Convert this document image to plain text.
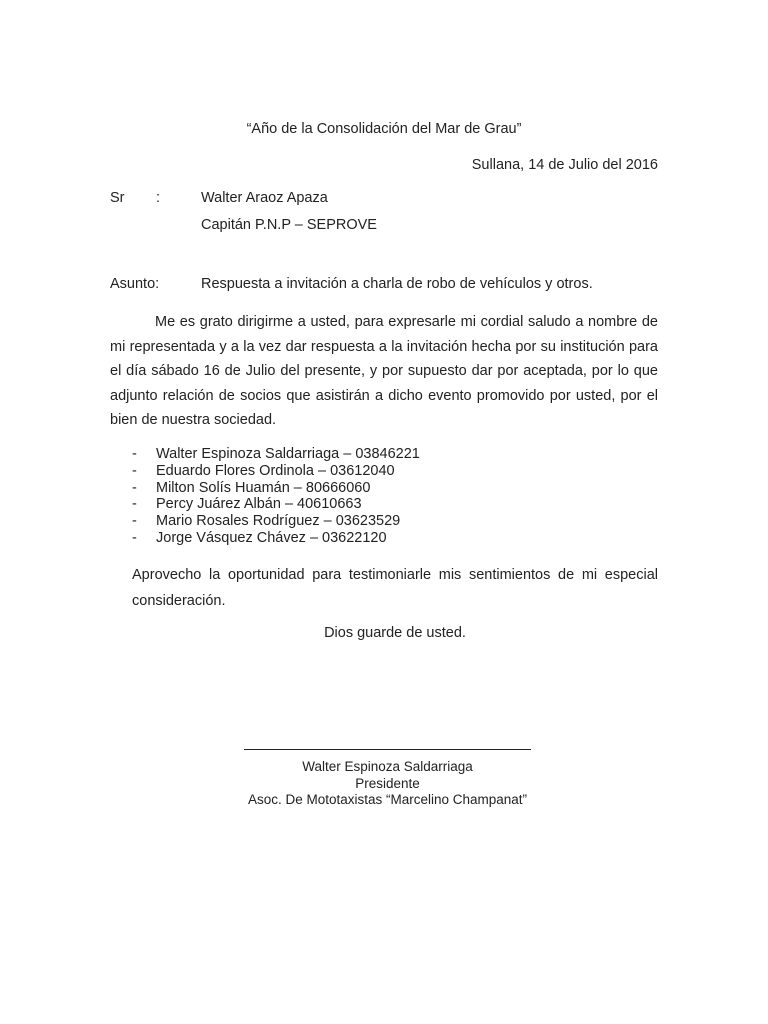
“Año de la Consolidación del Mar de Grau”
Sullana, 14 de Julio del 2016
Sr :	Walter Araoz Apaza
Capitán P.N.P – SEPROVE
Asunto:	Respuesta a invitación a charla de robo de vehículos y otros.
Me es grato dirigirme a usted, para expresarle mi cordial saludo a nombre de mi representada y a la vez dar respuesta a la invitación hecha por su institución para el día sábado 16 de Julio del presente, y por supuesto dar por aceptada, por lo que adjunto relación de socios que asistirán a dicho evento promovido por usted, por el bien de nuestra sociedad.
-	Walter Espinoza Saldarriaga – 03846221
-	Eduardo Flores Ordinola – 03612040
-	Milton Solís Huamán – 80666060
-	Percy Juárez Albán – 40610663
-	Mario Rosales Rodríguez – 03623529
-	Jorge Vásquez Chávez – 03622120
Aprovecho la oportunidad para testimoniarle mis sentimientos de mi especial consideración.
Dios guarde de usted.
Walter Espinoza Saldarriaga
Presidente
Asoc. De Mototaxistas “Marcelino Champanat”
